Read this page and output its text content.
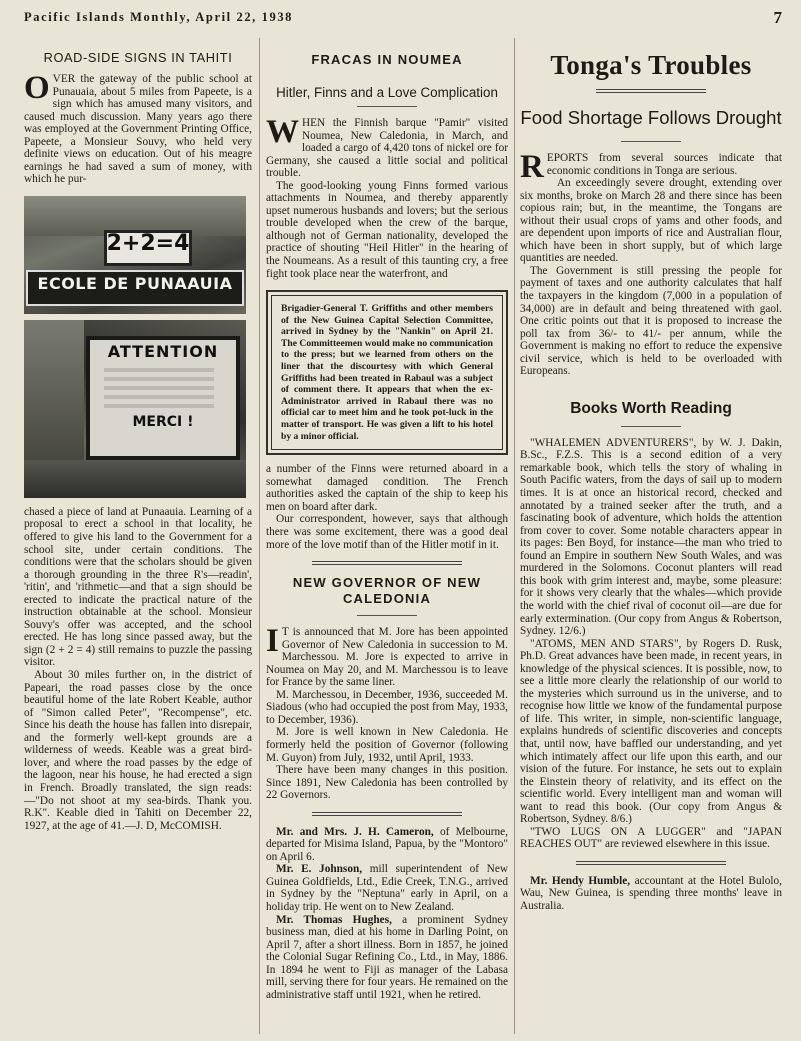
Pacific Islands Monthly, April 22, 1938	7
ROAD-SIDE SIGNS IN TAHITI

OVER the gateway of the public school at Punauaia, about 5 miles from Papeete, is a sign which has amused many visitors, and caused much discussion. Many years ago there was employed at the Government Printing Office, Papeete, a Monsieur Souvy, who held very definite views on education. Out of his meagre earnings he had saved a sum of money, with which he pur-

2+2=4
ECOLE DE PUNAAUIA
ATTENTION
MERCI !

chased a piece of land at Punaauia. Learning of a proposal to erect a school in that locality, he offered to give his land to the Government for a school site, under certain conditions. The conditions were that the scholars should be given a thorough grounding in the three R's—readin', 'ritin', and 'rithmetic—and that a sign should be erected to indicate the practical nature of the instruction obtainable at the school. Monsieur Souvy's offer was accepted, and the school erected. He has long since passed away, but the sign (2 + 2 = 4) still remains to puzzle the passing visitor.

About 30 miles further on, in the district of Papeari, the road passes close by the once beautiful home of the late Robert Keable, author of "Simon called Peter", "Recompense", etc. Since his death the house has fallen into disrepair, and the formerly well-kept grounds are a wilderness of weeds. Keable was a great bird-lover, and where the road passes by the edge of the lagoon, near his house, he had erected a sign in French. Broadly translated, the sign reads:—"Do not shoot at my sea-birds. Thank you. R.K". Keable died in Tahiti on December 22, 1927, at the age of 41.—J. D, McCOMISH.

FRACAS IN NOUMEA
Hitler, Finns and a Love Complication

WHEN the Finnish barque "Pamir" visited Noumea, New Caledonia, in March, and loaded a cargo of 4,420 tons of nickel ore for Germany, she caused a little social and political trouble.

The good-looking young Finns formed various attachments in Noumea, and thereby apparently upset numerous husbands and lovers; but the serious trouble developed when the crew of the barque, although not of German nationality, developed the practice of shouting "Heil Hitler" in the hearing of the Noumeans. As a result of this taunting cry, a free fight took place near the waterfront, and

Brigadier-General T. Griffiths and other members of the New Guinea Capital Selection Committee, arrived in Sydney by the "Nankin" on April 21. The Committeemen would make no communication to the press; but we learned from others on the liner that the discourtesy with which General Griffiths had been treated in Rabaul was a subject of comment there. It appears that when the ex-Administrator arrived in Rabaul there was no official car to meet him and he took pot-luck in the matter of transport. He was given a lift to his hotel by a minor official.

a number of the Finns were returned aboard in a somewhat damaged condition. The French authorities asked the captain of the ship to keep his men on board after dark.

Our correspondent, however, says that although there was some excitement, there was a good deal more of the love motif than of the Hitler motif in it.

NEW GOVERNOR OF NEW CALEDONIA

I T is announced that M. Jore has been appointed Governor of New Caledonia in succession to M. Marchessou. M. Jore is expected to arrive in Noumea on May 20, and M. Marchessou is to leave for France by the same liner.

M. Marchessou, in December, 1936, succeeded M. Siadous (who had occupied the post from May, 1933, to December, 1936).

M. Jore is well known in New Caledonia. He formerly held the position of Governor (following M. Guyon) from July, 1932, until April, 1933.

There have been many changes in this position. Since 1891, New Caledonia has been controlled by 22 Governors.

Mr. and Mrs. J. H. Cameron, of Melbourne, departed for Misima Island, Papua, by the "Montoro" on April 6.

Mr. E. Johnson, mill superintendent of New Guinea Goldfields, Ltd., Edie Creek, T.N.G., arrived in Sydney by the "Neptuna" early in April, on a holiday trip. He went on to New Zealand.

Mr. Thomas Hughes, a prominent Sydney business man, died at his home in Darling Point, on April 7, after a short illness. Born in 1857, he joined the Colonial Sugar Refining Co., Ltd., in May, 1886. In 1894 he went to Fiji as manager of the Labasa mill, serving there for four years. He remained on the administrative staff until 1921, when he retired.

Tonga's Troubles
Food Shortage Follows Drought

REPORTS from several sources indicate that economic conditions in Tonga are serious.

An exceedingly severe drought, extending over six months, broke on March 28 and there since has been copious rain; but, in the meantime, the Tongans are without their usual crops of yams and other foods, and are dependent upon imports of rice and Australian flour, which have been in short supply, but of which large quantities are needed.

The Government is still pressing the people for payment of taxes and one authority calculates that half the taxpayers in the kingdom (7,000 in a population of 34,000) are in default and being threatened with gaol. One critic points out that it is proposed to increase the poll tax from 36/- to 41/- per annum, while the Government is making no effort to reduce the expensive civil service, which is held to be overloaded with Europeans.

Books Worth Reading

"WHALEMEN ADVENTURERS", by W. J. Dakin, B.Sc., F.Z.S. This is a second edition of a very remarkable book, which tells the story of whaling in South Pacific waters, from the days of sail up to modern times. It is at once an historical record, checked and annotated by a trained seeker after the truth, and a fascinating book of adventure, which holds the attention from cover to cover. Some notable characters appear in its pages: Ben Boyd, for instance—the man who tried to found an Empire in southern New South Wales, and was murdered in the Solomons. Coconut planters will read this book with grim interest and, maybe, some pleasure: for it shows very clearly that the whales—which provide the world with the chief rival of coconut oil—are due for early extermination. (Our copy from Angus & Robertson, Sydney. 12/6.)

"ATOMS, MEN AND STARS", by Rogers D. Rusk, Ph.D. Great advances have been made, in recent years, in knowledge of the physical sciences. It is possible, now, to see a little more clearly the relationship of our world to the mysteries which surround us in the universe, and to recognise how little we know of the fundamental purpose of life. This writer, in simple, non-scientific language, explains hundreds of scientific discoveries and concepts that, until now, have baffled our understanding, and yet which intimately affect our life upon this earth, and our vision of the future. For instance, he sets out to explain the Einstein theory of relativity, and its effect on the scientific world. Every intelligent man and woman will want to read this book. (Our copy from Angus & Robertson, Sydney. 8/6.)

"TWO LUGS ON A LUGGER" and "JAPAN REACHES OUT" are reviewed elsewhere in this issue.

Mr. Hendy Humble, accountant at the Hotel Bulolo, Wau, New Guinea, is spending three months' leave in Australia.
